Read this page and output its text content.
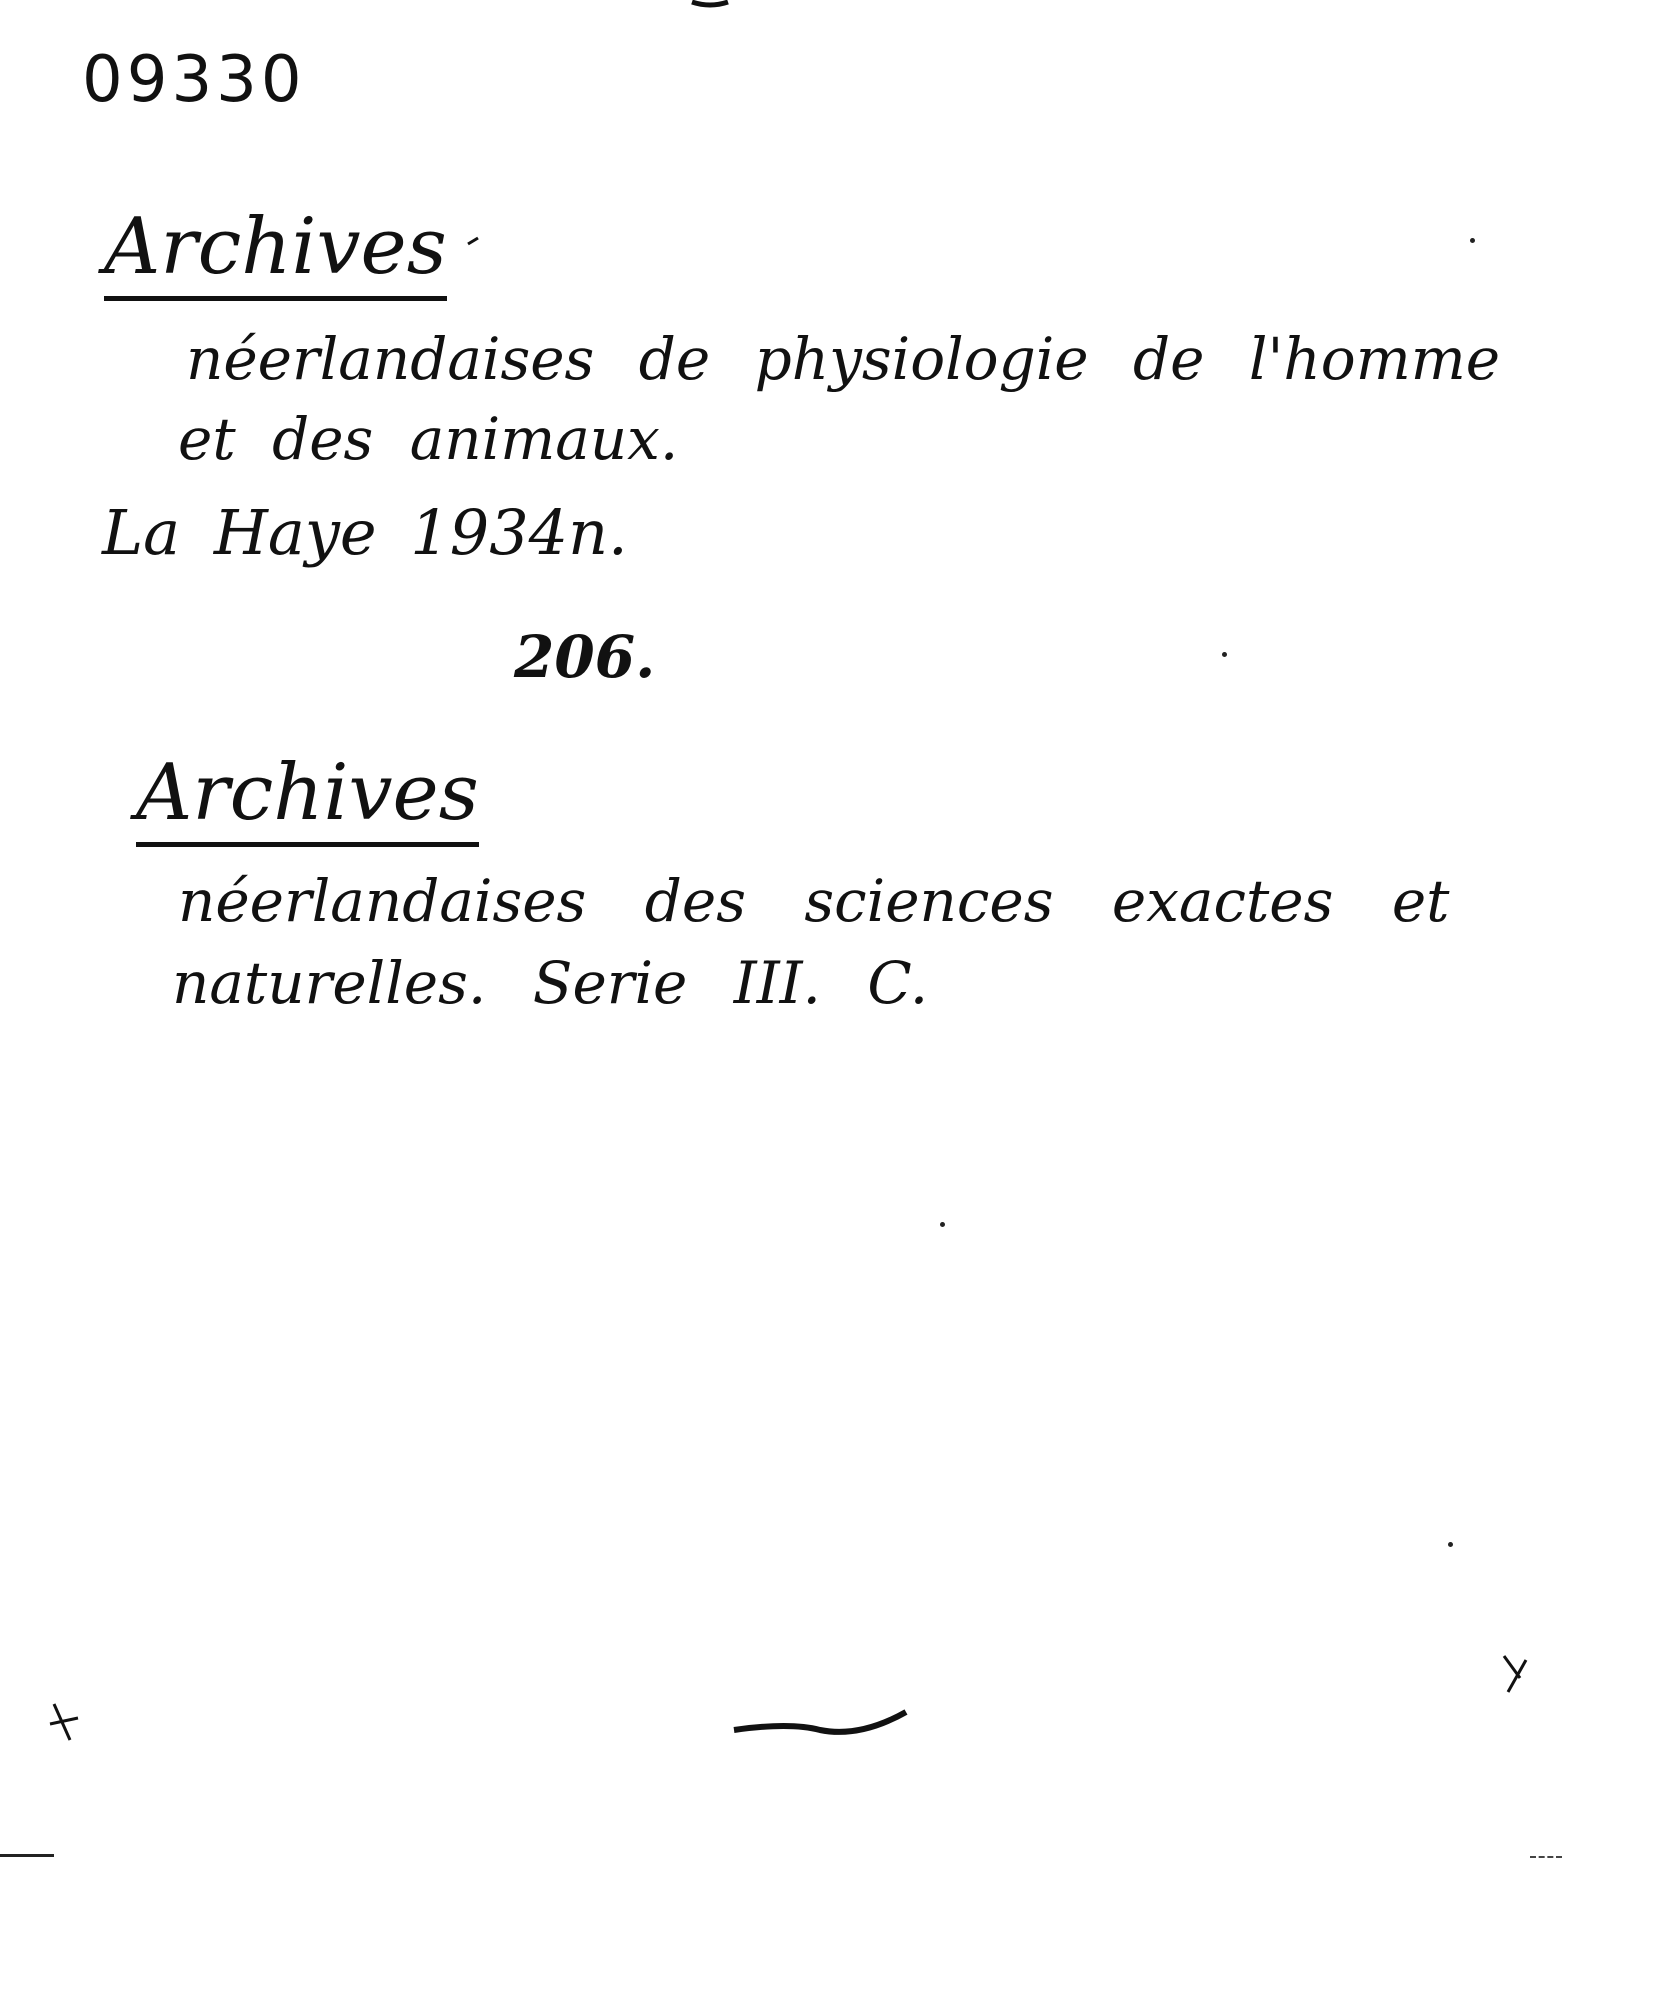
09330
Archives
néerlandaises de physiologie de l'homme
et des animaux.
La Haye 1934n.
206.
Archives
néerlandaises des sciences exactes et
naturelles. Serie III. C.
